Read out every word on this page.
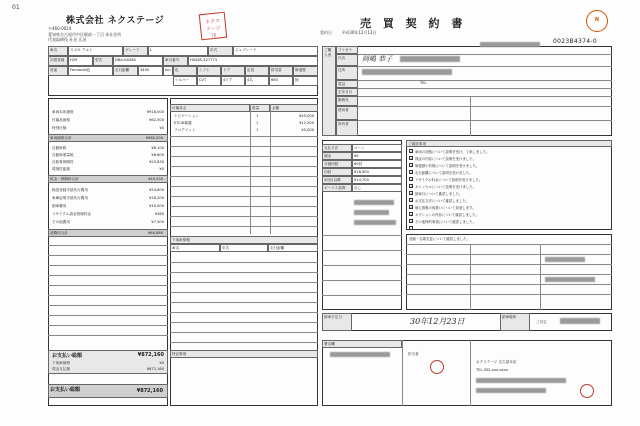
01
株式会社 ネクステージ
〒460-0024
愛知県名古屋市中区駅前一丁目 本社住所
代表取締役 社長 広田
ネクス
テージ
印
売 買 契 約 書
契約日 平成30年12月13日
N
0023B4374-0
車名	スズキ アルト	グレード	L	年式	ジュブレード
初度登録	H29	型式	DBA-HA36S	車台番号	HA36S-327773
用途	Fernanda色	走行距離	3490	km	色	シフト	ドア	定員	排気量	修復歴
シルバー	CVT	4ドア	4名	660	無
車両本体価格	¥918,000
付属品価格	¥62,500
特別仕様	¥0
車両価格合計	¥980,500
自動車税	¥8,100
自動車重量税	¥6,600
自賠責保険料	¥25,830
環境性能割	¥0
税金・保険料合計	¥40,530
検査登録手続代行費用	¥24,800
車庫証明手続代行費用	¥18,200
納車費用	¥10,000
リサイクル資金管理料金	¥380
その他費用	¥7,500
諸費用合計	¥60,880
お支払い総額	¥872,160
下取車価格	¥0
現金支払額	¥872,160
お支払い総額	¥872,160
付属品名	数量	金額
ナビゲーション	1	¥45,000
ETC車載器	1	¥12,500
フロアマット	1	¥5,000
下取車情報
車名	年式	走行距離
特記事項
ご購入者
フリガナ
氏名	岡嶋 恭子
住所
電話	TEL
生年月日
勤務先
使用者
所有者
支払方法	ローン
頭金	¥0
分割回数	60回
初回	¥18,900
2回目以降	¥14,700
ボーナス加算	なし
ご確認事項
✓ 車両の状態について説明を受け、了承しました。
✓ 保証の内容について説明を受けました。
✓ 修復歴の有無について説明を受けました。
✓ 走行距離について説明を受けました。
✓ リサイクル料金について説明を受けました。
✓ キャンセルについて説明を受けました。
✓ 納車日について確認しました。
✓ お支払方法について確認しました。
✓ 個人情報の取扱いについて同意します。
✓ オプションの内容について確認しました。
✓ その他特約事項について確認しました。
登録・名義変更について確認しました。
納車予定日
30年12月23日
納車場所
ご自宅
署名欄
担当者
ネクステージ 名古屋本店
TEL 052-xxx-xxxx
